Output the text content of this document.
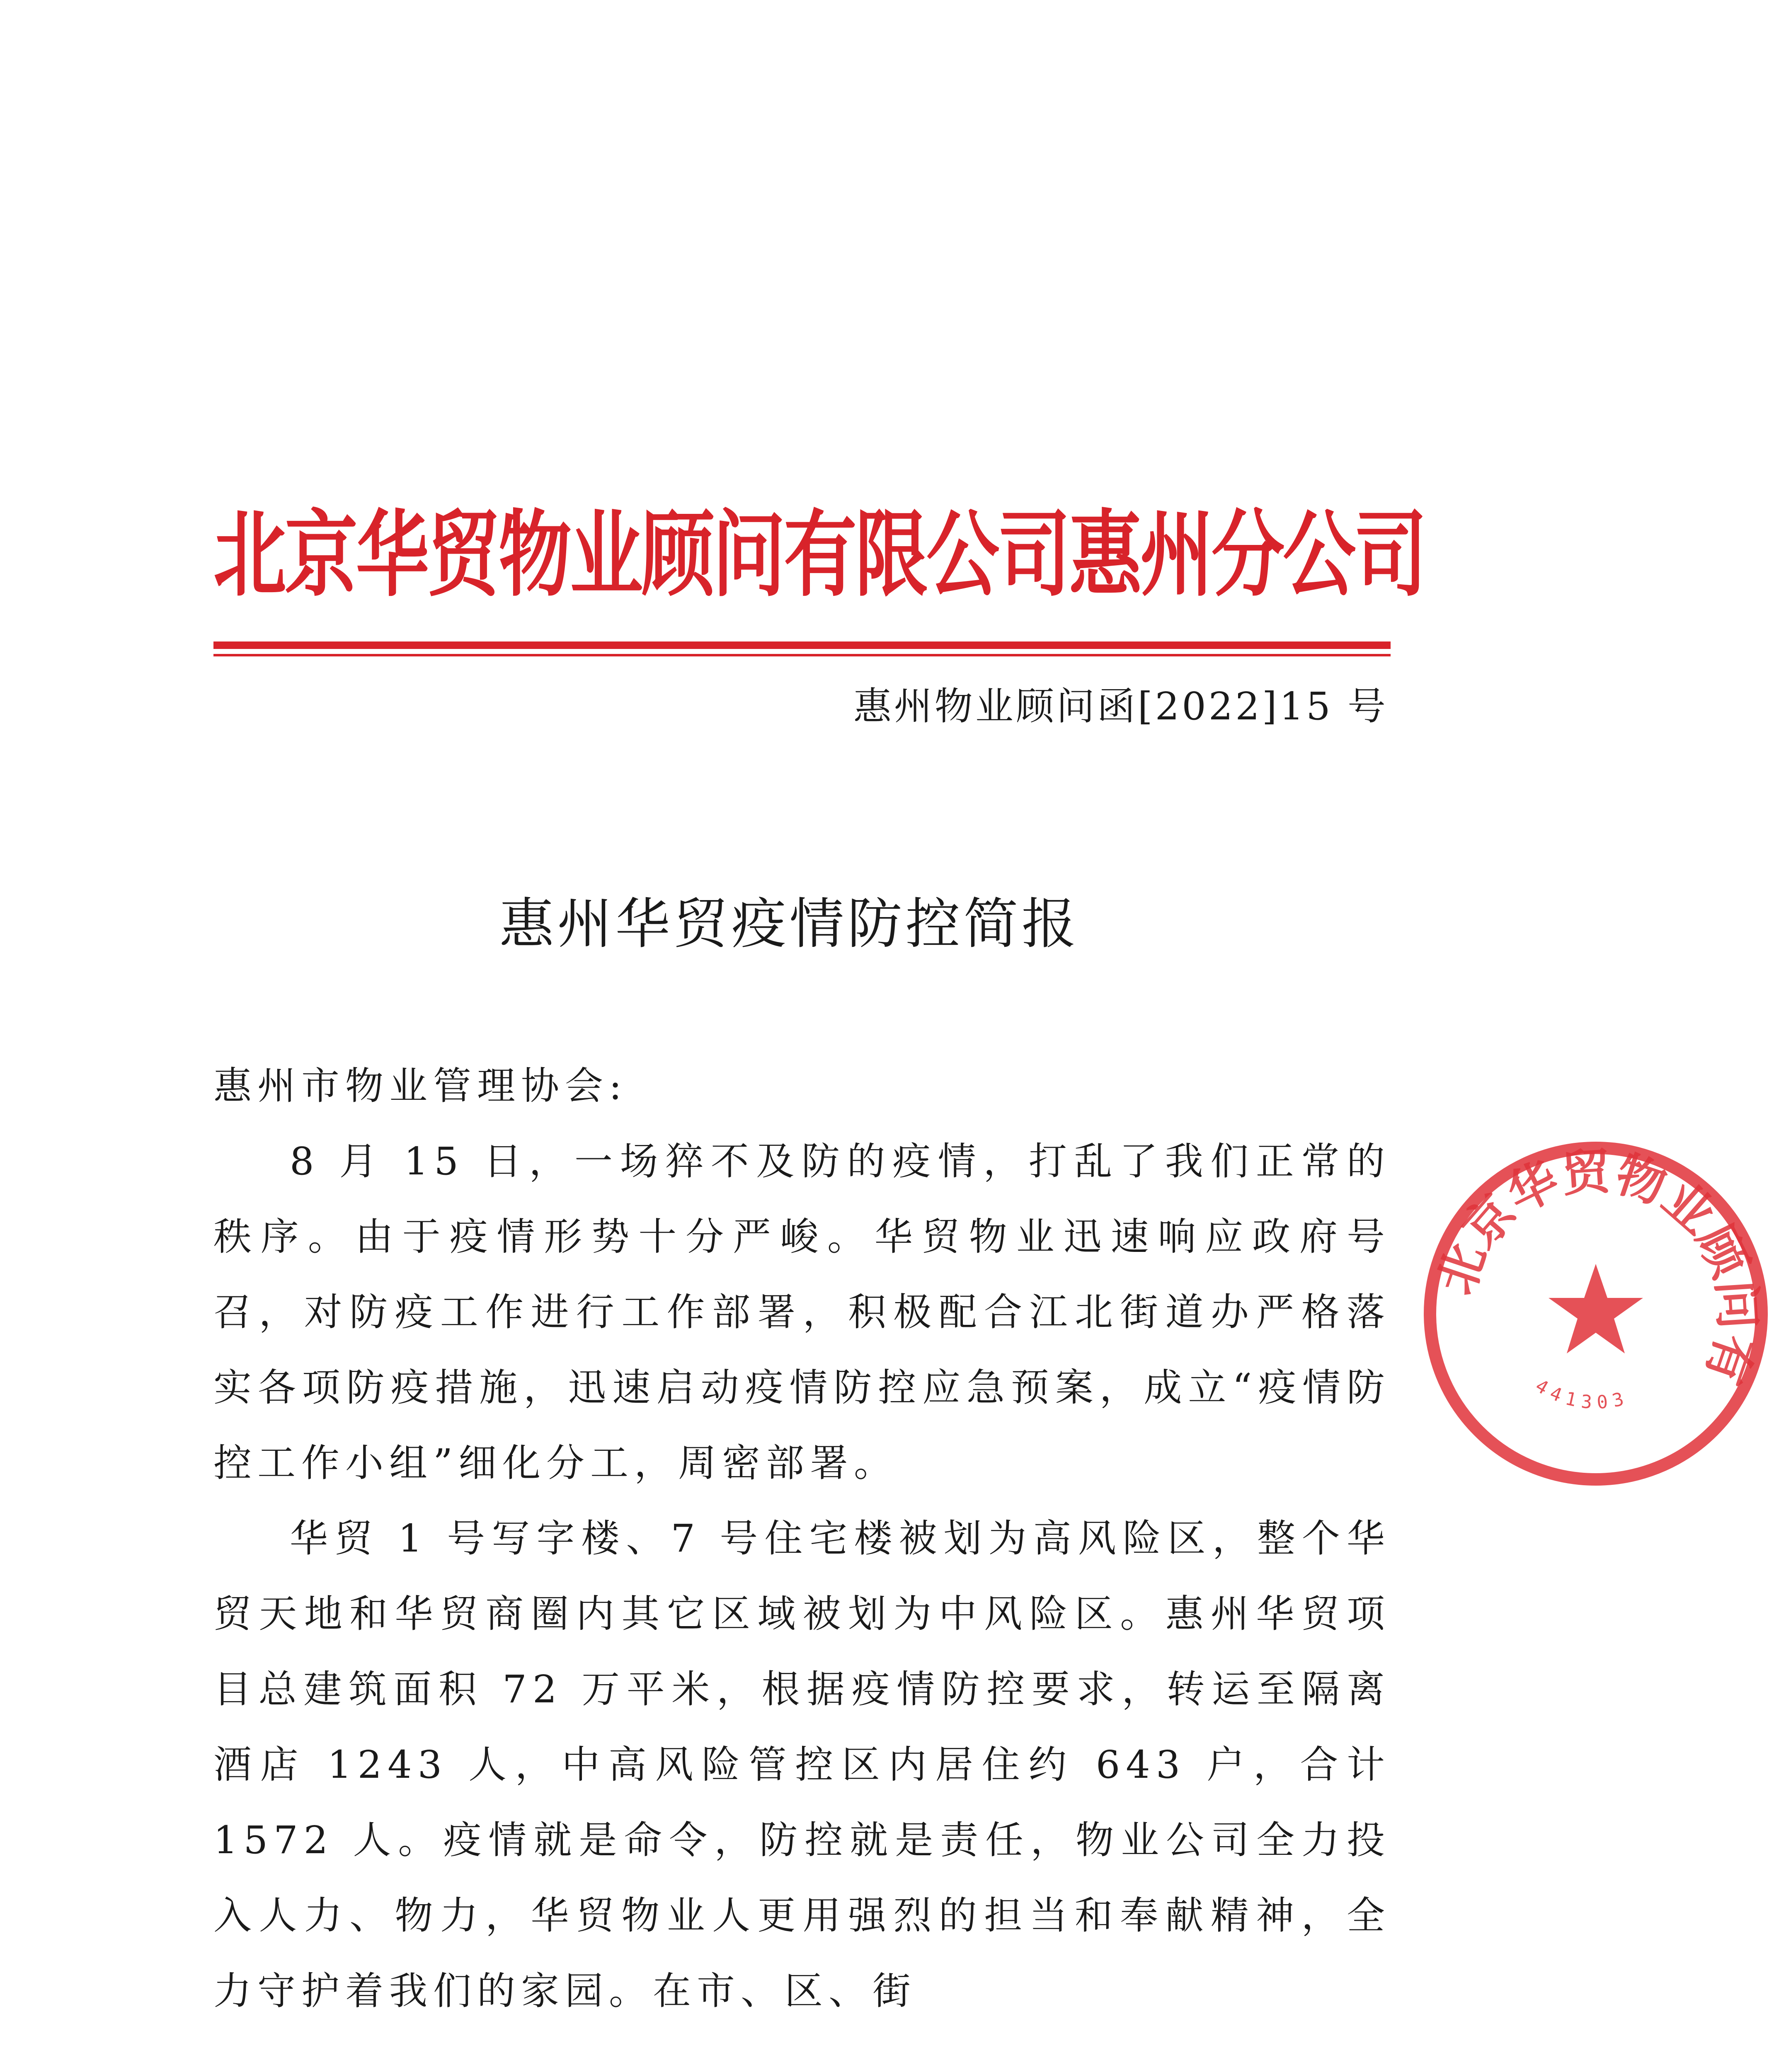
北京华贸物业顾问有限公司惠州分公司
惠州物业顾问函[2022]15 号
惠州华贸疫情防控简报

惠州市物业管理协会:

8 月 15 日，一场猝不及防的疫情，打乱了我们正常的秩序。由于疫情形势十分严峻。华贸物业迅速响应政府号召，对防疫工作进行工作部署，积极配合江北街道办严格落实各项防疫措施，迅速启动疫情防控应急预案，成立“疫情防控工作小组”细化分工，周密部署。

华贸 1 号写字楼、7 号住宅楼被划为高风险区，整个华贸天地和华贸商圈内其它区域被划为中风险区。惠州华贸项目总建筑面积 72 万平米，根据疫情防控要求，转运至隔离酒店 1243 人，中高风险管控区内居住约 643 户，合计 1572 人。疫情就是命令，防控就是责任，物业公司全力投入人力、物力，华贸物业人更用强烈的担当和奉献精神，全力守护着我们的家园。在市、区、街

北京华贸物业顾问有
441303
